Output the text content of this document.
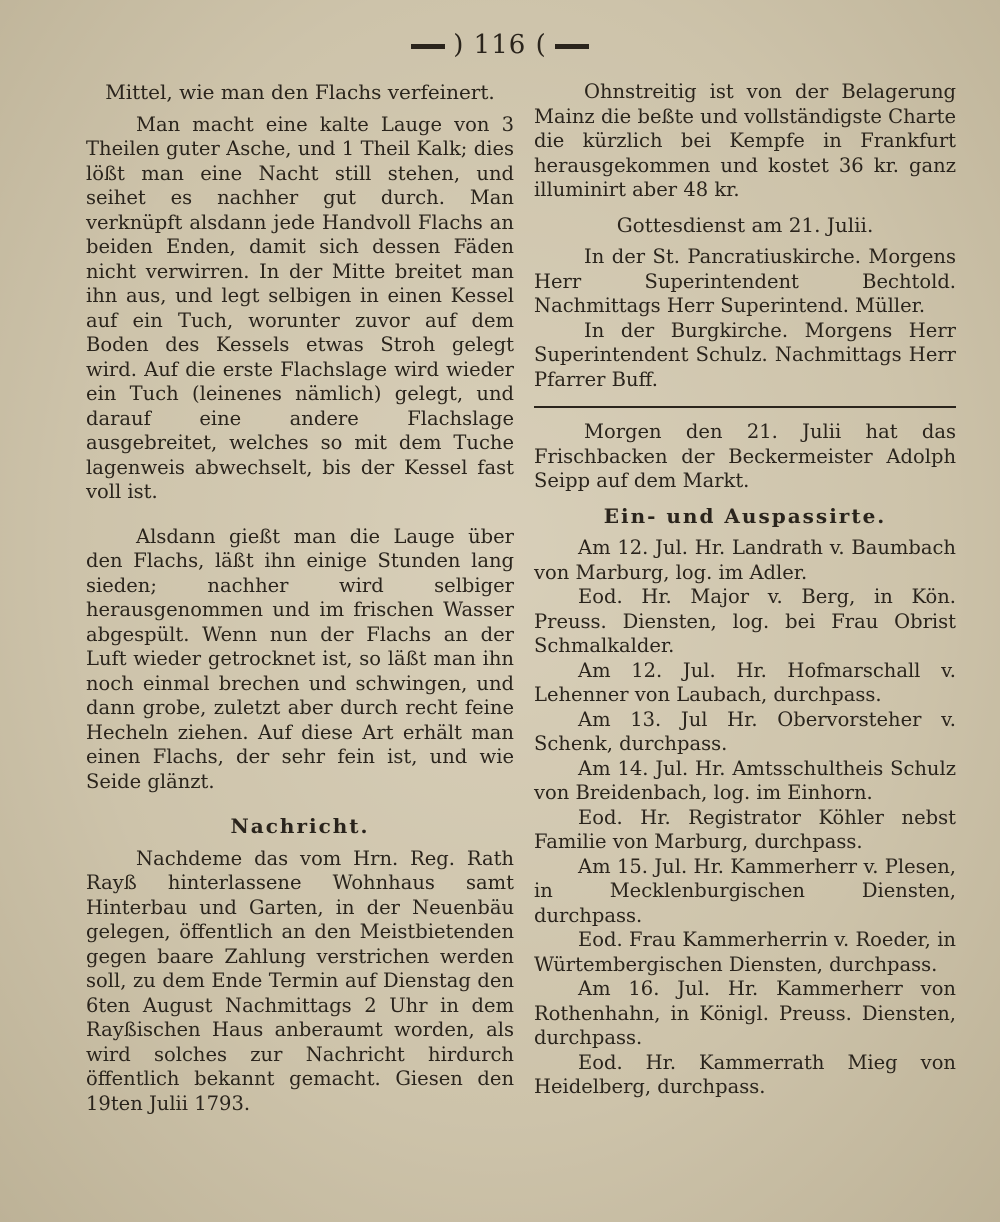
) 116 (
Mittel, wie man den Flachs verfeinert.

Man macht eine kalte Lauge von 3 Theilen guter Asche, und 1 Theil Kalk; dies lößt man eine Nacht still stehen, und seihet es nachher gut durch. Man verknüpft alsdann jede Handvoll Flachs an beiden Enden, damit sich dessen Fäden nicht verwirren. In der Mitte breitet man ihn aus, und legt selbigen in einen Kessel auf ein Tuch, worunter zuvor auf dem Boden des Kessels etwas Stroh gelegt wird. Auf die erste Flachslage wird wieder ein Tuch (leinenes nämlich) gelegt, und darauf eine andere Flachslage ausgebreitet, welches so mit dem Tuche lagenweis abwechselt, bis der Kessel fast voll ist.

Alsdann gießt man die Lauge über den Flachs, läßt ihn einige Stunden lang sieden; nachher wird selbiger herausgenommen und im frischen Wasser abgespült. Wenn nun der Flachs an der Luft wieder getrocknet ist, so läßt man ihn noch einmal brechen und schwingen, und dann grobe, zuletzt aber durch recht feine Hecheln ziehen. Auf diese Art erhält man einen Flachs, der sehr fein ist, und wie Seide glänzt.

Nachricht.

Nachdeme das vom Hrn. Reg. Rath Rayß hinterlassene Wohnhaus samt Hinterbau und Garten, in der Neuenbäu gelegen, öffentlich an den Meistbietenden gegen baare Zahlung verstrichen werden soll, zu dem Ende Termin auf Dienstag den 6ten August Nachmittags 2 Uhr in dem Rayßischen Haus anberaumt worden, als wird solches zur Nachricht hirdurch öffentlich bekannt gemacht. Giesen den 19ten Julii 1793.

Ohnstreitig ist von der Belagerung Mainz die beßte und vollständigste Charte die kürzlich bei Kempfe in Frankfurt herausgekommen und kostet 36 kr. ganz illuminirt aber 48 kr.

Gottesdienst am 21. Julii.

In der St. Pancratiuskirche. Morgens Herr Superintendent Bechtold. Nachmittags Herr Superintend. Müller.

In der Burgkirche. Morgens Herr Superintendent Schulz. Nachmittags Herr Pfarrer Buff.

Morgen den 21. Julii hat das Frischbacken der Beckermeister Adolph Seipp auf dem Markt.

Ein- und Auspassirte.

Am 12. Jul. Hr. Landrath v. Baumbach von Marburg, log. im Adler.

Eod. Hr. Major v. Berg, in Kön. Preuss. Diensten, log. bei Frau Obrist Schmalkalder.

Am 12. Jul. Hr. Hofmarschall v. Lehenner von Laubach, durchpass.

Am 13. Jul Hr. Obervorsteher v. Schenk, durchpass.

Am 14. Jul. Hr. Amtsschultheis Schulz von Breidenbach, log. im Einhorn.

Eod. Hr. Registrator Köhler nebst Familie von Marburg, durchpass.

Am 15. Jul. Hr. Kammerherr v. Plesen, in Mecklenburgischen Diensten, durchpass.

Eod. Frau Kammerherrin v. Roeder, in Würtembergischen Diensten, durchpass.

Am 16. Jul. Hr. Kammerherr von Rothenhahn, in Königl. Preuss. Diensten, durchpass.

Eod. Hr. Kammerrath Mieg von Heidelberg, durchpass.
